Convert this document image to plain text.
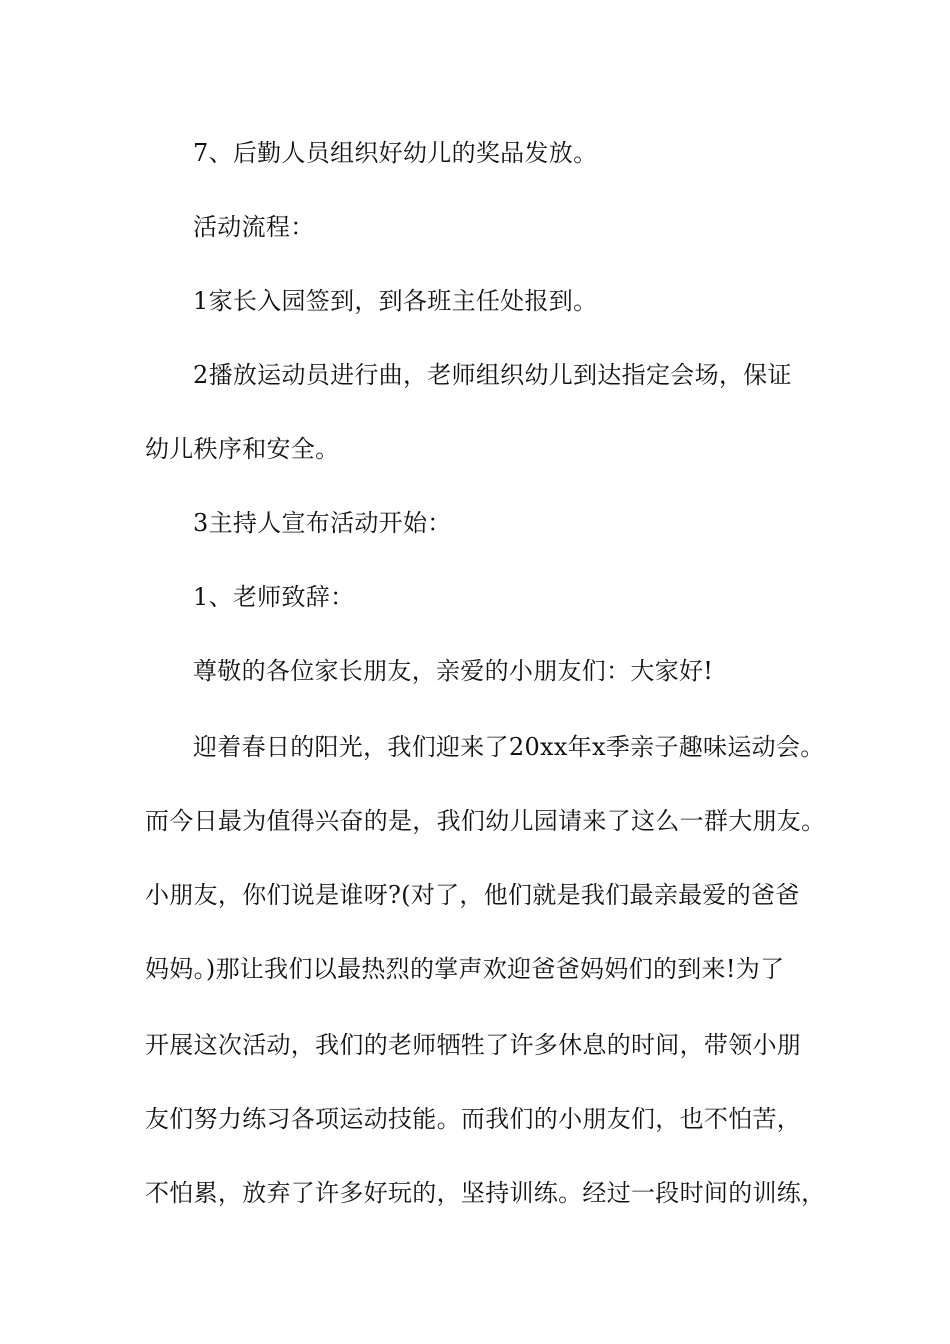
7、后勤人员组织好幼儿的奖品发放。
活动流程：
1家长入园签到，到各班主任处报到。
2播放运动员进行曲，老师组织幼儿到达指定会场，保证
幼儿秩序和安全。
3主持人宣布活动开始：
1、老师致辞：
尊敬的各位家长朋友，亲爱的小朋友们：大家好!
迎着春日的阳光，我们迎来了20xx年x季亲子趣味运动会。
而今日最为值得兴奋的是，我们幼儿园请来了这么一群大朋友。
小朋友，你们说是谁呀?(对了，他们就是我们最亲最爱的爸爸
妈妈。)那让我们以最热烈的掌声欢迎爸爸妈妈们的到来!为了
开展这次活动，我们的老师牺牲了许多休息的时间，带领小朋
友们努力练习各项运动技能。而我们的小朋友们，也不怕苦，
不怕累，放弃了许多好玩的，坚持训练。经过一段时间的训练，
